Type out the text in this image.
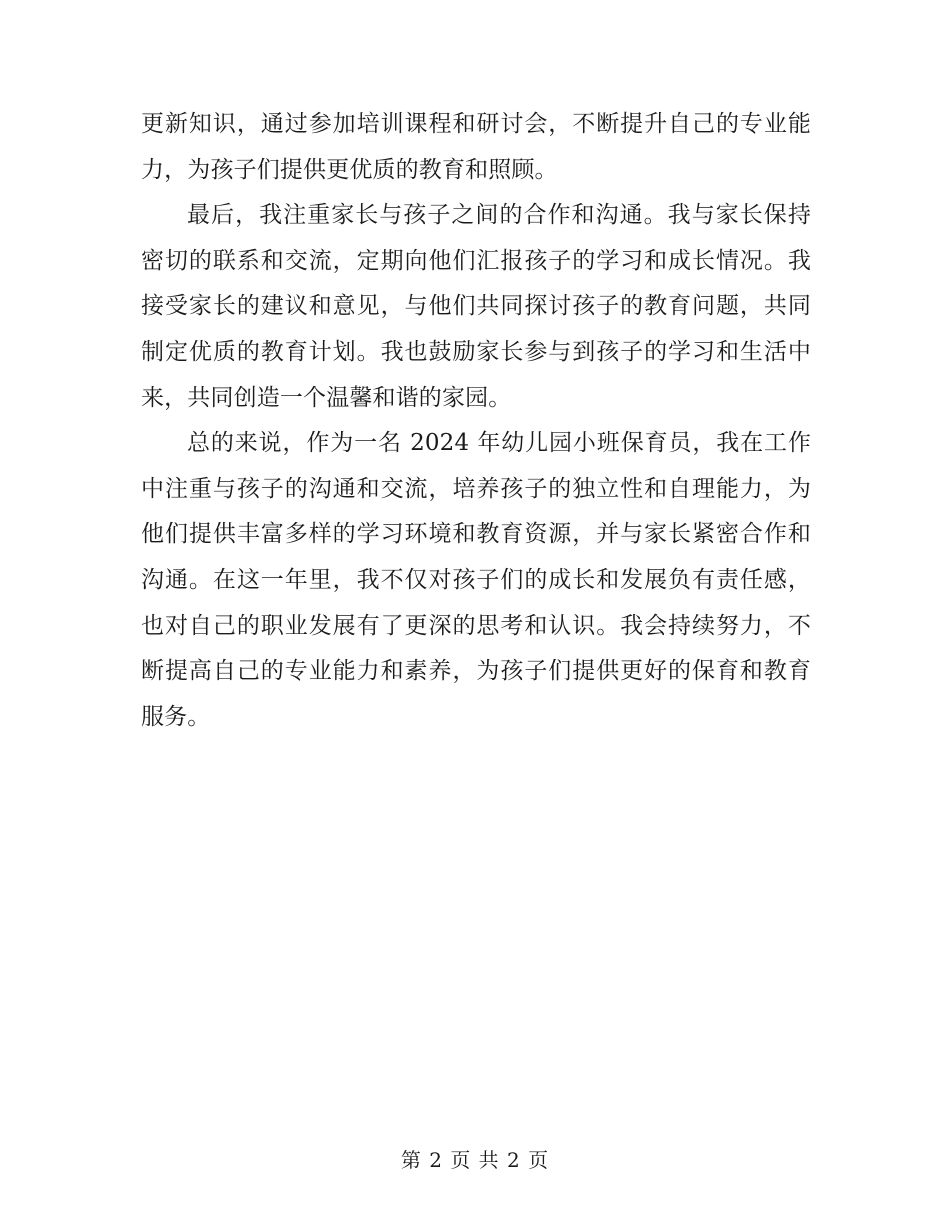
更新知识，通过参加培训课程和研讨会，不断提升自己的专业能力，为孩子们提供更优质的教育和照顾。

最后，我注重家长与孩子之间的合作和沟通。我与家长保持密切的联系和交流，定期向他们汇报孩子的学习和成长情况。我接受家长的建议和意见，与他们共同探讨孩子的教育问题，共同制定优质的教育计划。我也鼓励家长参与到孩子的学习和生活中来，共同创造一个温馨和谐的家园。

总的来说，作为一名 2024 年幼儿园小班保育员，我在工作中注重与孩子的沟通和交流，培养孩子的独立性和自理能力，为他们提供丰富多样的学习环境和教育资源，并与家长紧密合作和沟通。在这一年里，我不仅对孩子们的成长和发展负有责任感，也对自己的职业发展有了更深的思考和认识。我会持续努力，不断提高自己的专业能力和素养，为孩子们提供更好的保育和教育服务。

第 2 页 共 2 页
